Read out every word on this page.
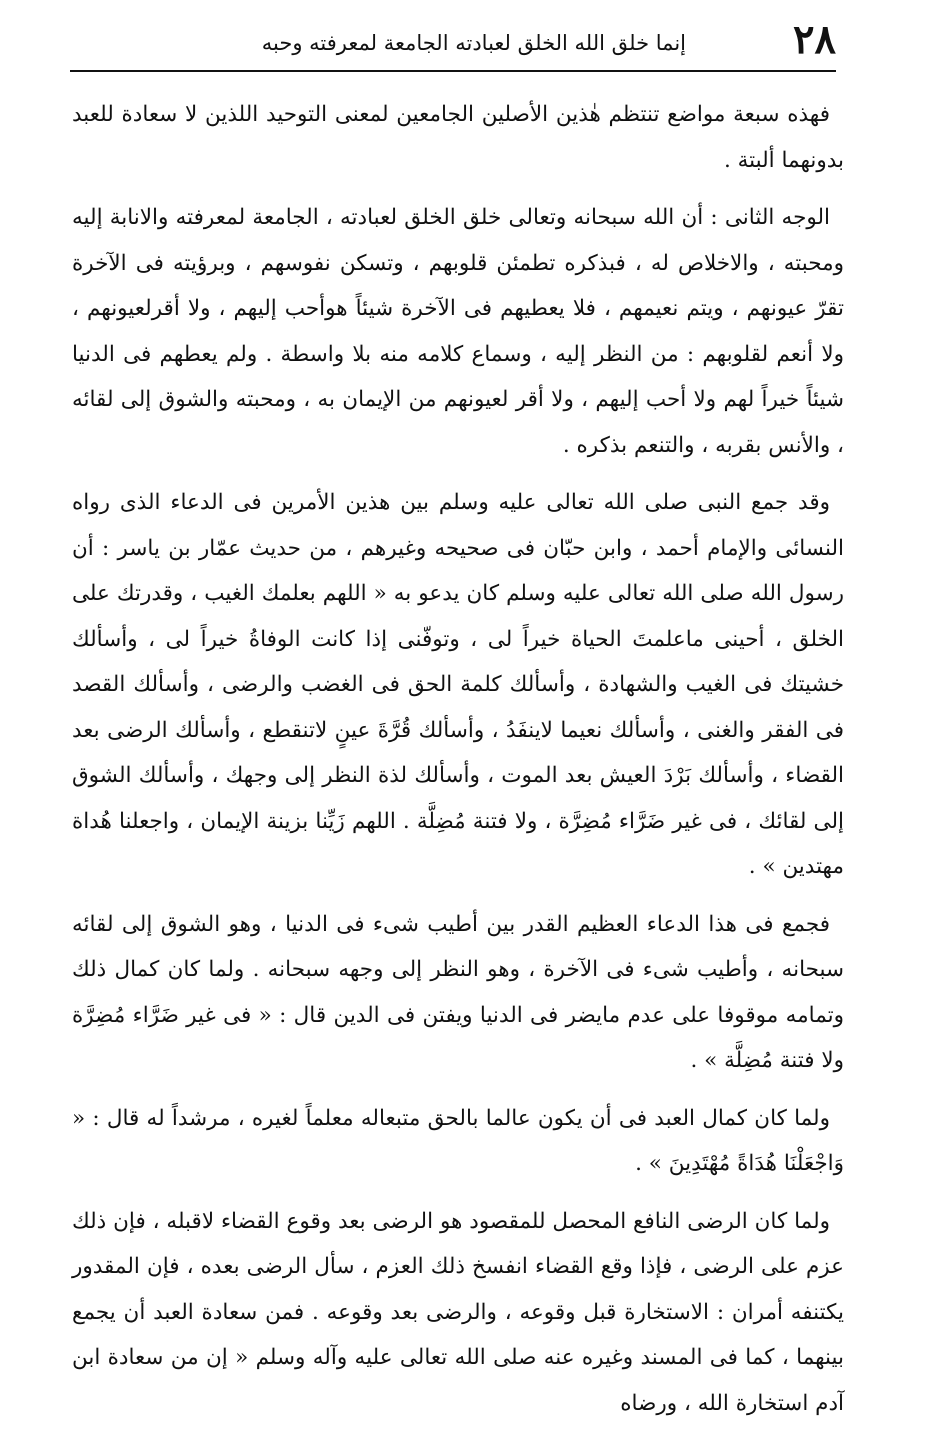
٢٨
إنما خلق الله الخلق لعبادته الجامعة لمعرفته وحبه

فهذه سبعة مواضع تنتظم هٰذين الأصلين الجامعين لمعنى التوحيد اللذين لا سعادة للعبد بدونهما ألبتة .

الوجه الثانى : أن الله سبحانه وتعالى خلق الخلق لعبادته ، الجامعة لمعرفته والانابة إليه ومحبته ، والاخلاص له ، فبذكره تطمئن قلوبهم ، وتسكن نفوسهم ، وبرؤيته فى الآخرة تقرّ عيونهم ، ويتم نعيمهم ، فلا يعطيهم فى الآخرة شيئاً هوأحب إليهم ، ولا أقرلعيونهم ، ولا أنعم لقلوبهم : من النظر إليه ، وسماع كلامه منه بلا واسطة . ولم يعطهم فى الدنيا شيئاً خيراً لهم ولا أحب إليهم ، ولا أقر لعيونهم من الإيمان به ، ومحبته والشوق إلى لقائه ، والأنس بقربه ، والتنعم بذكره .

وقد جمع النبى صلى الله تعالى عليه وسلم بين هذين الأمرين فى الدعاء الذى رواه النسائى والإمام أحمد ، وابن حبّان فى صحيحه وغيرهم ، من حديث عمّار بن ياسر : أن رسول الله صلى الله تعالى عليه وسلم كان يدعو به « اللهم بعلمك الغيب ، وقدرتك على الخلق ، أحينى ماعلمتَ الحياة خيراً لى ، وتوفّنى إذا كانت الوفاةُ خيراً لى ، وأسألك خشيتك فى الغيب والشهادة ، وأسألك كلمة الحق فى الغضب والرضى ، وأسألك القصد فى الفقر والغنى ، وأسألك نعيما لاينفَدُ ، وأسألك قُرَّةَ عينٍ لاتنقطع ، وأسألك الرضى بعد القضاء ، وأسألك بَرْدَ العيش بعد الموت ، وأسألك لذة النظر إلى وجهك ، وأسألك الشوق إلى لقائك ، فى غير ضَرَّاء مُضِرَّة ، ولا فتنة مُضِلَّة . اللهم زَيِّنا بزينة الإيمان ، واجعلنا هُداة مهتدين » .

فجمع فى هذا الدعاء العظيم القدر بين أطيب شىء فى الدنيا ، وهو الشوق إلى لقائه سبحانه ، وأطيب شىء فى الآخرة ، وهو النظر إلى وجهه سبحانه . ولما كان كمال ذلك وتمامه موقوفا على عدم مايضر فى الدنيا ويفتن فى الدين قال : « فى غير ضَرَّاء مُضِرَّة ولا فتنة مُضِلَّة » .

ولما كان كمال العبد فى أن يكون عالما بالحق متبعاله معلماً لغيره ، مرشداً له قال : « وَاجْعَلْنَا هُدَاةً مُهْتَدِينَ » .

ولما كان الرضى النافع المحصل للمقصود هو الرضى بعد وقوع القضاء لاقبله ، فإن ذلك عزم على الرضى ، فإذا وقع القضاء انفسخ ذلك العزم ، سأل الرضى بعده ، فإن المقدور يكتنفه أمران : الاستخارة قبل وقوعه ، والرضى بعد وقوعه . فمن سعادة العبد أن يجمع بينهما ، كما فى المسند وغيره عنه صلى الله تعالى عليه وآله وسلم « إن من سعادة ابن آدم استخارة الله ، ورضاه
